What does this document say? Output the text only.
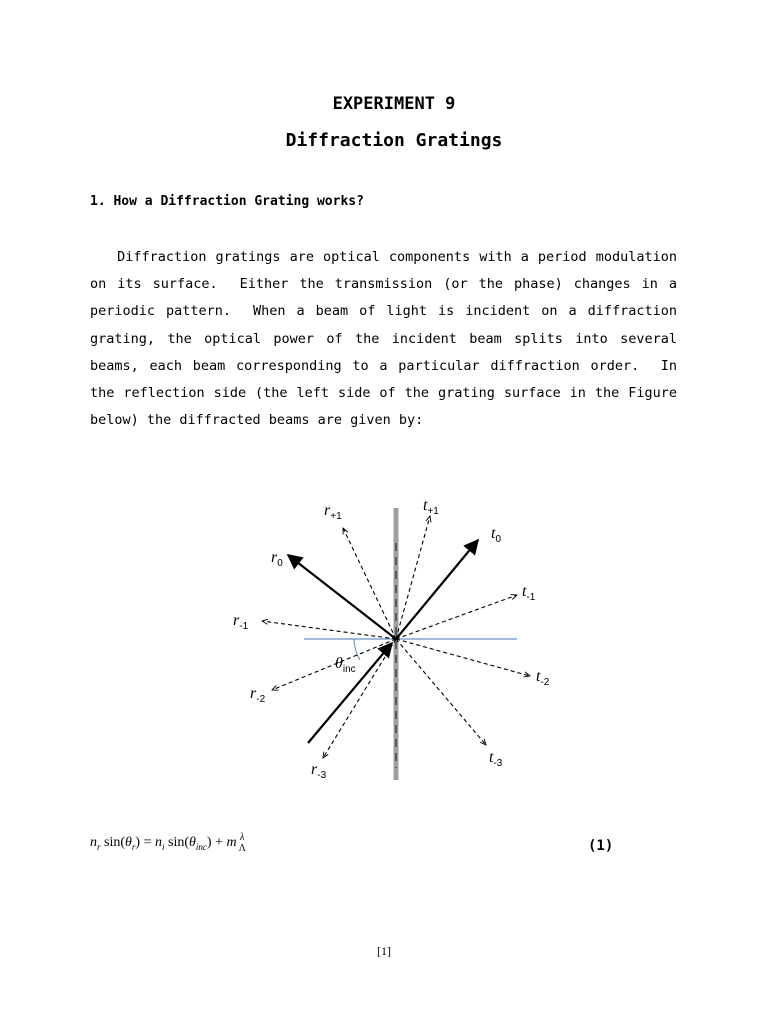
EXPERIMENT 9
Diffraction Gratings
1. How a Diffraction Grating works?
Diffraction gratings are optical components with a period modulation on its surface.  Either the transmission (or the phase) changes in a periodic pattern.  When a beam of light is incident on a diffraction grating, the optical power of the incident beam splits into several beams, each beam corresponding to a particular diffraction order.  In the reflection side (the left side of the grating surface in the Figure below) the diffracted beams are given by:
$r_{+1}$
$t_{+1}$
$t_0$
$r_0$
$t_{-1}$
$r_{-1}$
$\theta_{inc}$	$t_{-2}$
$r_{-2}$
$t_{-3}$
$r_{-3}$
$n_r$ $\sin(\theta_r) = n_i$ $\sin(\theta_{inc}) + m$ λ
Λ	(1)
[1]
